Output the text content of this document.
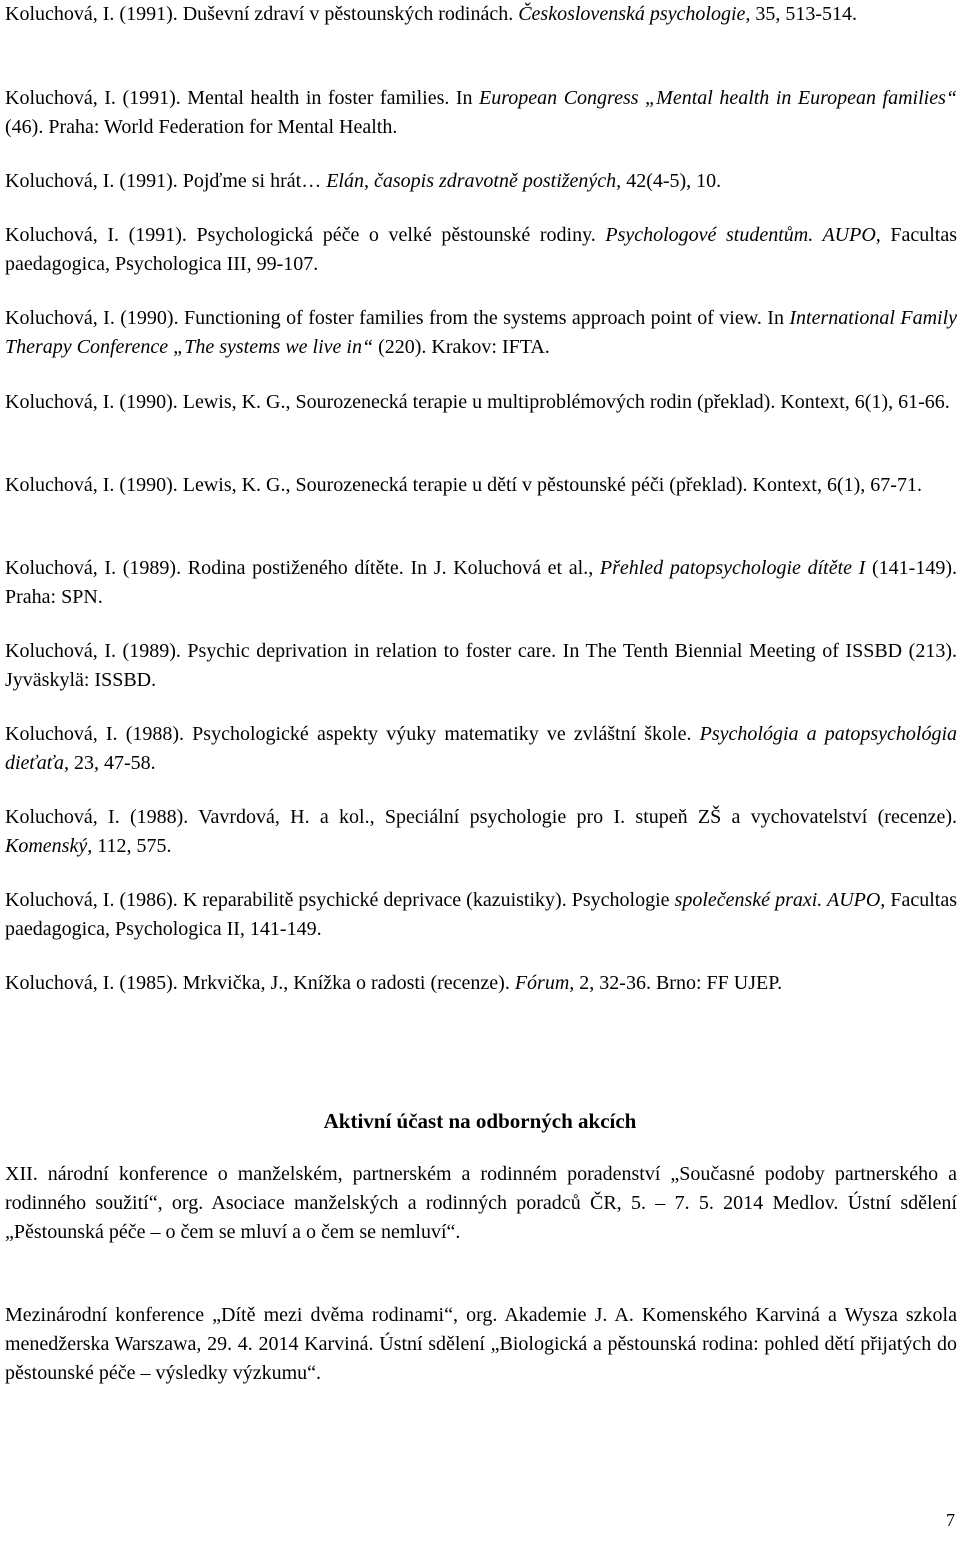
Koluchová, I. (1991). Duševní zdraví v pěstounských rodinách. Československá psychologie, 35, 513-514.

Koluchová, I. (1991). Mental health in foster families. In European Congress „Mental health in European families“ (46). Praha: World Federation for Mental Health.

Koluchová, I. (1991). Pojďme si hrát… Elán, časopis zdravotně postižených, 42(4-5), 10.

Koluchová, I. (1991). Psychologická péče o velké pěstounské rodiny. Psychologové studentům. AUPO, Facultas paedagogica, Psychologica III, 99-107.

Koluchová, I. (1990). Functioning of foster families from the systems approach point of view. In International Family Therapy Conference „The systems we live in“ (220). Krakov: IFTA.

Koluchová, I. (1990). Lewis, K. G., Sourozenecká terapie u multiproblémových rodin (překlad). Kontext, 6(1), 61-66.

Koluchová, I. (1990). Lewis, K. G., Sourozenecká terapie u dětí v pěstounské péči (překlad). Kontext, 6(1), 67-71.

Koluchová, I. (1989). Rodina postiženého dítěte. In J. Koluchová et al., Přehled patopsychologie dítěte I (141-149). Praha: SPN.

Koluchová, I. (1989). Psychic deprivation in relation to foster care. In The Tenth Biennial Meeting of ISSBD (213). Jyväskylä: ISSBD.

Koluchová, I. (1988). Psychologické aspekty výuky matematiky ve zvláštní škole. Psychológia a patopsychológia dieťaťa, 23, 47-58.

Koluchová, I. (1988). Vavrdová, H. a kol., Speciální psychologie pro I. stupeň ZŠ a vychovatelství (recenze). Komenský, 112, 575.

Koluchová, I. (1986). K reparabilitě psychické deprivace (kazuistiky). Psychologie společenské praxi. AUPO, Facultas paedagogica, Psychologica II, 141-149.

Koluchová, I. (1985). Mrkvička, J., Knížka o radosti (recenze). Fórum, 2, 32-36. Brno: FF UJEP.

Aktivní účast na odborných akcích

XII. národní konference o manželském, partnerském a rodinném poradenství „Současné podoby partnerského a rodinného soužití“, org. Asociace manželských a rodinných poradců ČR, 5. – 7. 5. 2014 Medlov. Ústní sdělení „Pěstounská péče – o čem se mluví a o čem se nemluví“.

Mezinárodní konference „Dítě mezi dvěma rodinami“, org. Akademie J. A. Komenského Karviná a Wysza szkola menedžerska Warszawa, 29. 4. 2014 Karviná. Ústní sdělení „Biologická a pěstounská rodina: pohled dětí přijatých do pěstounské péče – výsledky výzkumu“.

7
